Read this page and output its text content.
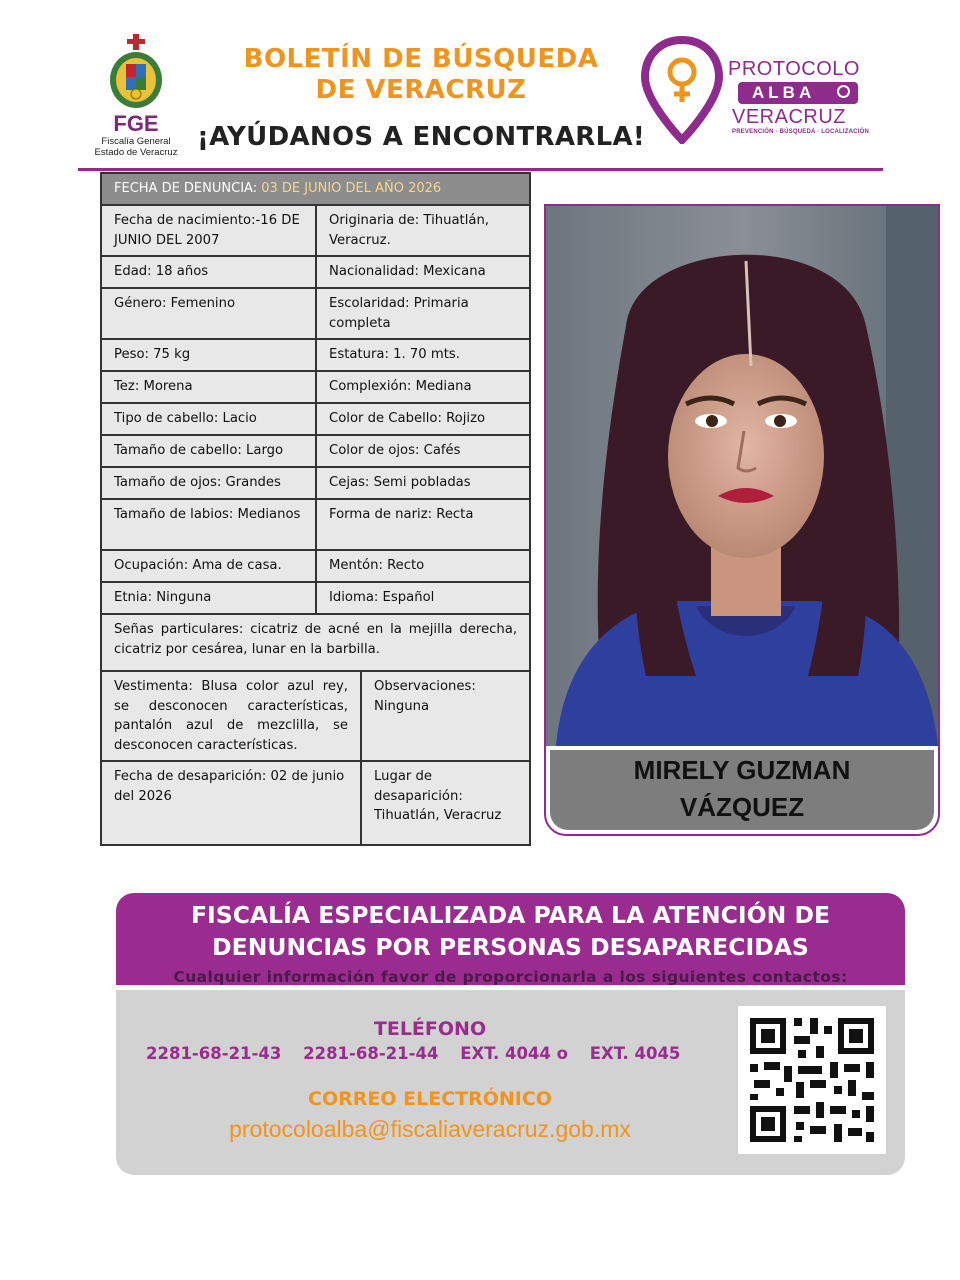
FGE
Fiscalía General
Estado de Veracruz
BOLETÍN DE BÚSQUEDA
DE VERACRUZ
¡AYÚDANOS A ENCONTRARLA!
PROTOCOLO
ALBA
VERACRUZ
PREVENCIÓN · BÚSQUEDA · LOCALIZACIÓN
FECHA DE DENUNCIA: 03 DE JUNIO DEL AÑO 2026		
Fecha de nacimiento:-16 DE JUNIO DEL 2007	Originaria de: Tihuatlán, Veracruz.	
Edad: 18 años	Nacionalidad: Mexicana	
Género: Femenino	Escolaridad: Primaria completa	
Peso: 75 kg	Estatura: 1. 70 mts.	
Tez: Morena	Complexión: Mediana	
Tipo de cabello: Lacio	Color de Cabello: Rojizo	
Tamaño de cabello: Largo	Color de ojos: Cafés	
Tamaño de ojos: Grandes	Cejas: Semi pobladas	
Tamaño de labios: Medianos	Forma de nariz: Recta	
Ocupación: Ama de casa.	Mentón: Recto	
Etnia: Ninguna	Idioma: Español	
Señas particulares: cicatriz de acné en la mejilla derecha, cicatriz por cesárea, lunar en la barbilla.		
Vestimenta: Blusa color azul rey, se desconocen características, pantalón azul de mezclilla, se desconocen características.		Observaciones: Ninguna
Fecha de desaparición: 02 de junio del 2026		Lugar de desaparición: Tihuatlán, Veracruz
MIRELY GUZMAN
VÁZQUEZ
FISCALÍA ESPECIALIZADA PARA LA ATENCIÓN DE
DENUNCIAS POR PERSONAS DESAPARECIDAS
Cualquier información favor de proporcionarla a los siguientes contactos:
TELÉFONO
2281-68-21-43 2281-68-21-44 EXT. 4044 o EXT. 4045
CORREO ELECTRÓNICO
protocoloalba@fiscaliaveracruz.gob.mx
